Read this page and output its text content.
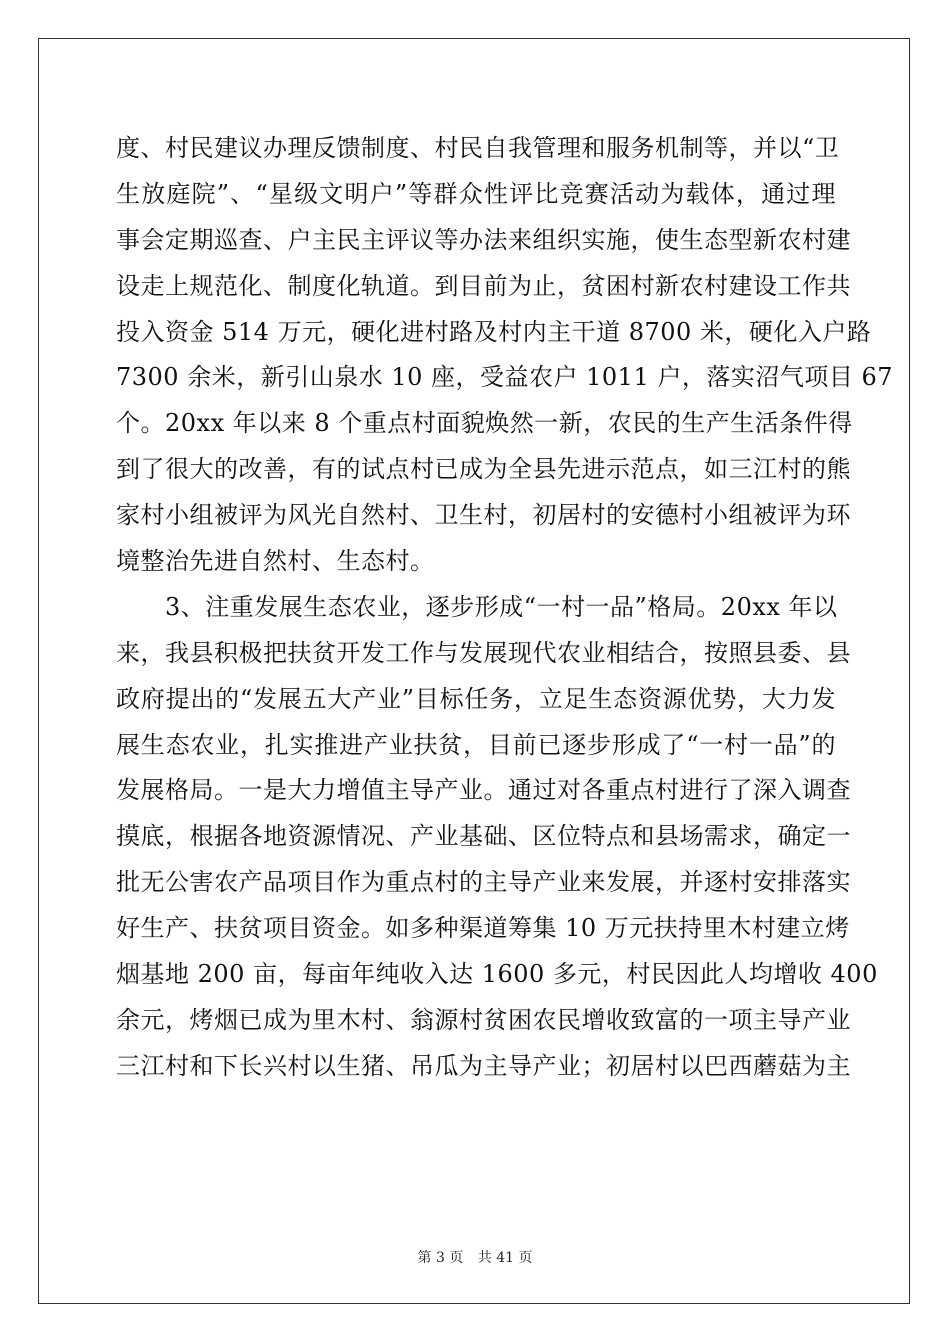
度、村民建议办理反馈制度、村民自我管理和服务机制等，并以“卫
生放庭院”、“星级文明户”等群众性评比竞赛活动为载体，通过理
事会定期巡查、户主民主评议等办法来组织实施，使生态型新农村建
设走上规范化、制度化轨道。到目前为止，贫困村新农村建设工作共
投入资金 514 万元，硬化进村路及村内主干道 8700 米，硬化入户路
7300 余米，新引山泉水 10 座，受益农户 1011 户，落实沼气项目 67
个。20xx 年以来 8 个重点村面貌焕然一新，农民的生产生活条件得
到了很大的改善，有的试点村已成为全县先进示范点，如三江村的熊
家村小组被评为风光自然村、卫生村，初居村的安德村小组被评为环
境整治先进自然村、生态村。
　　3、注重发展生态农业，逐步形成“一村一品”格局。20xx 年以
来，我县积极把扶贫开发工作与发展现代农业相结合，按照县委、县
政府提出的“发展五大产业”目标任务，立足生态资源优势，大力发
展生态农业，扎实推进产业扶贫，目前已逐步形成了“一村一品”的
发展格局。一是大力增值主导产业。通过对各重点村进行了深入调查
摸底，根据各地资源情况、产业基础、区位特点和县场需求，确定一
批无公害农产品项目作为重点村的主导产业来发展，并逐村安排落实
好生产、扶贫项目资金。如多种渠道筹集 10 万元扶持里木村建立烤
烟基地 200 亩，每亩年纯收入达 1600 多元，村民因此人均增收 400
余元，烤烟已成为里木村、翁源村贫困农民增收致富的一项主导产业
三江村和下长兴村以生猪、吊瓜为主导产业；初居村以巴西蘑菇为主
第 3 页 共 41 页
